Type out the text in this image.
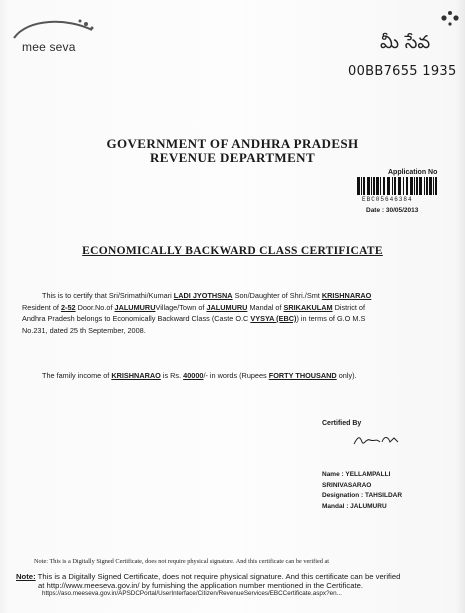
mee seva	మీ సేవ
00BB7655 1935
GOVERNMENT OF ANDHRA PRADESH
REVENUE DEPARTMENT
Application No
EBC05646384
Date : 30/05/2013
ECONOMICALLY BACKWARD CLASS CERTIFICATE
This is to certify that Sri/Srimathi/Kumari LADI JYOTHSNA Son/Daughter of Shri./Smt KRISHNARAO
Resident of 2-52 Door.No.of JALUMURUVillage/Town of JALUMURU Mandal of SRIKAKULAM District of
Andhra Pradesh belongs to Economically Backward Class (Caste O.C VYSYA (EBC)) in terms of G.O M.S
No.231, dated 25 th September, 2008.
The family income of KRISHNARAO is Rs. 40000/- in words (Rupees FORTY THOUSAND only).
Certified By
Name : YELLAMPALLI
SRINIVASARAO
Designation : TAHSILDAR
Mandal : JALUMURU
Note: This is a Digitally Signed Certificate, does not require physical signature. And this certificate can be verified at
Note: This is a Digitally Signed Certificate, does not require physical signature. And this certificate can be verified
at http://www.meeseva.gov.in/ by furnishing the application number mentioned in the Certificate.
https://aso.meeseva.gov.in/APSDCPortal/UserInterface/Citizen/RevenueServices/EBCCertificate.aspx?en...
